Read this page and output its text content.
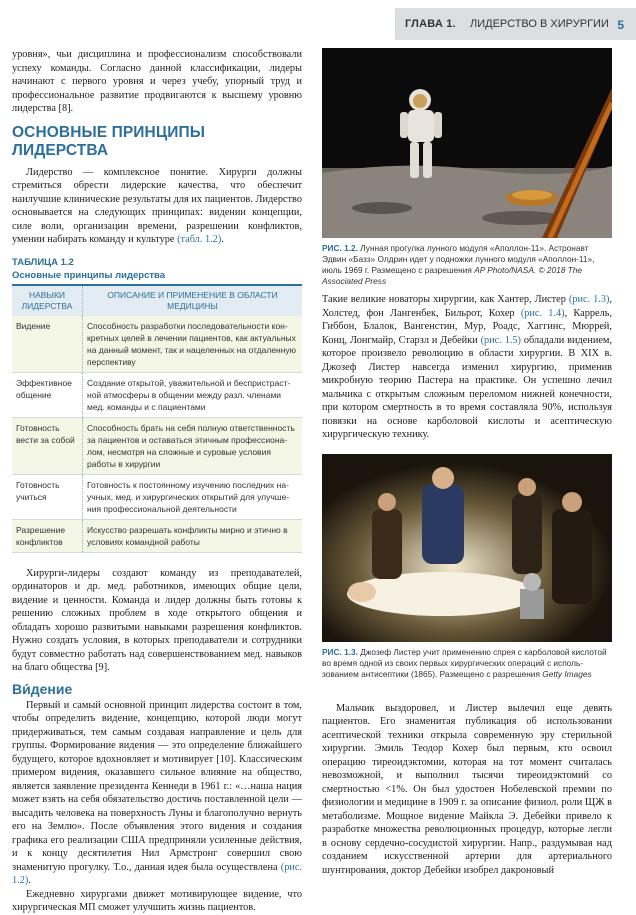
ГЛАВА 1. ЛИДЕРСТВО В ХИРУРГИИ 5

уровня», чьи дисциплина и профессионализм способствовали успеху команды. Согласно данной классификации, лидеры начинают с первого уровня и через учебу, упорный труд и профессиональное развитие продвигаются к высшему уровню лидерства [8].

ОСНОВНЫЕ ПРИНЦИПЫ ЛИДЕРСТВА

Лидерство — комплексное понятие. Хирурги должны стремиться обрести лидерские качества, что обеспечит наилучшие клинические результаты для их пациентов. Лидерство основывается на следующих принципах: видении концепции, силе воли, организации времени, разрешении конфликтов, умении набирать команду и культуре (табл. 1.2).

ТАБЛИЦА 1.2
Основные принципы лидерства
НАВЫКИ ЛИДЕРСТВА	ОПИСАНИЕ И ПРИМЕНЕНИЕ В ОБЛАСТИ МЕДИЦИНЫ
Видение	Способность разработки последовательности конкретных целей в лечении пациентов, как актуальных на данный момент, так и нацеленных на отдаленную перспективу
Эффективное общение	Создание открытой, уважительной и беспристрастной атмосферы в общении между разл. членами мед. команды и с пациентами
Готовность вести за собой	Способность брать на себя полную ответственность за пациентов и оставаться этичным профессионалом, несмотря на сложные и суровые условия работы в хирургии
Готовность учиться	Готовность к постоянному изучению последних научных, мед. и хирургических открытий для улучшения профессиональной деятельности
Разрешение конфликтов	Искусство разрешать конфликты мирно и этично в условиях командной работы

Хирурги-лидеры создают команду из преподавателей, ординаторов и др. мед. работников, имеющих общие цели, видение и ценности. Команда и лидер должны быть готовы к решению сложных проблем в ходе открытого общения и обладать хорошо развитыми навыками разрешения конфликтов. Нужно создать условия, в которых преподаватели и сотрудники будут совместно работать над совершенствованием мед. навыков на благо общества [9].

Ви́дение

Первый и самый основной принцип лидерства состоит в том, чтобы определить видение, концепцию, которой люди могут придерживаться, тем самым создавая направление и цель для группы. Формирование видения — это определение ближайшего будущего, которое вдохновляет и мотивирует [10]. Классическим примером видения, оказавшего сильное влияние на общество, является заявление президента Кеннеди в 1961 г.: «…наша нация может взять на себя обязательство достичь поставленной цели — высадить человека на поверхность Луны и благополучно вернуть его на Землю». После объявления этого видения и создания графика его реализации США предприняли усиленные действия, и к концу десятилетия Нил Армстронг совершил свою знаменитую прогулку. Т.о., данная идея была осуществлена (рис. 1.2).

Ежедневно хирургами движет мотивирующее видение, что хирургическая МП сможет улучшить жизнь пациентов.

РИС. 1.2. Лунная прогулка лунного модуля «Аполлон-11». Астронавт Эдвин «Базз» Олдрин идет у подножки лунного модуля «Аполлон-11», июль 1969 г. Размещено с разрешения AP Photo/NASA. © 2018 The Associated Press

Такие великие новаторы хирургии, как Хантер, Листер (рис. 1.3), Холстед, фон Лангенбек, Бильрот, Кохер (рис. 1.4), Каррель, Гиббон, Блалок, Вангенстин, Мур, Роадс, Хаггинс, Мюррей, Конц, Лонгмайр, Старзл и Дебейки (рис. 1.5) обладали видением, которое произвело революцию в области хирургии. В XIX в. Джозеф Листер навсегда изменил хирургию, применив микробную теорию Пастера на практике. Он успешно лечил мальчика с открытым сложным переломом нижней конечности, при котором смертность в то время составляла 90%, используя повязки на основе карболовой кислоты и асептическую хирургическую технику.

РИС. 1.3. Джозеф Листер учит применению спрея с карболовой кислотой во время одной из своих первых хирургических операций с использованием антисептики (1865). Размещено с разрешения Getty Images

Мальчик выздоровел, и Листер вылечил еще девять пациентов. Его знаменитая публикация об использовании асептической техники открыла современную эру стерильной хирургии. Эмиль Теодор Кохер был первым, кто освоил операцию тиреоидэктомии, которая на тот момент считалась невозможной, и выполнил тысячи тиреоидэктомий со смертностью <1%. Он был удостоен Нобелевской премии по физиологии и медицине в 1909 г. за описание физиол. роли ЩЖ в метаболизме. Мощное видение Майкла Э. Дебейки привело к разработке множества революционных процедур, которые легли в основу сердечно-сосудистой хирургии. Напр., раздумывая над созданием искусственной артерии для артериального шунтирования, доктор Дебейки изобрел дакроновый
